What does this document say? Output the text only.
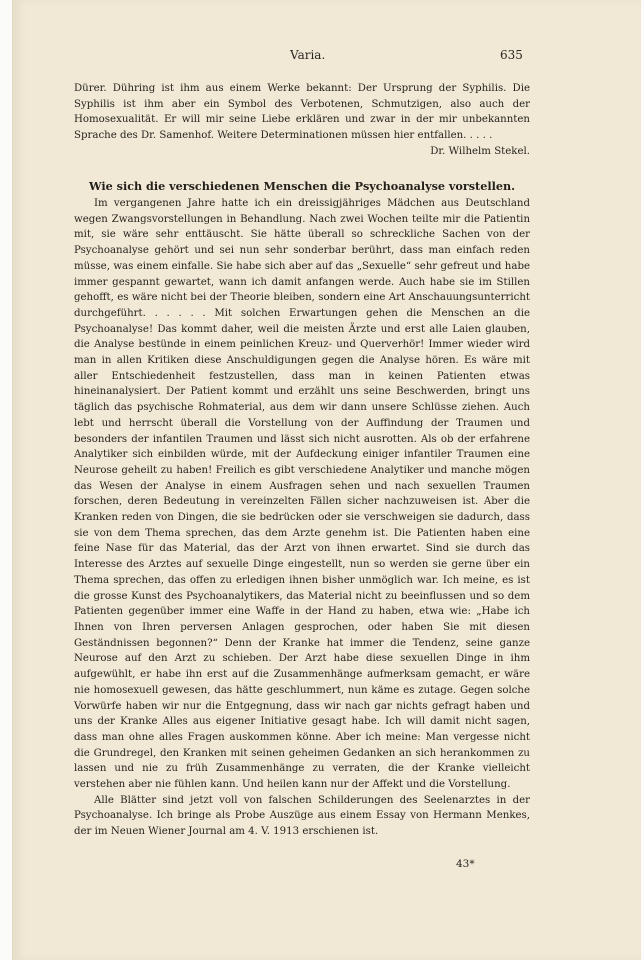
Varia.	635

Dürer. Dühring ist ihm aus einem Werke bekannt: Der Ursprung der Syphilis. Die Syphilis ist ihm aber ein Symbol des Verbotenen, Schmutzigen, also auch der Homosexualität. Er will mir seine Liebe erklären und zwar in der mir unbekannten Sprache des Dr. Samenhof. Weitere Determinationen müssen hier entfallen. . . . .

Dr. Wilhelm Stekel.

Wie sich die verschiedenen Menschen die Psychoanalyse vorstellen.

Im vergangenen Jahre hatte ich ein dreissigjähriges Mädchen aus Deutschland wegen Zwangsvorstellungen in Behandlung. Nach zwei Wochen teilte mir die Patientin mit, sie wäre sehr enttäuscht. Sie hätte überall so schreckliche Sachen von der Psychoanalyse gehört und sei nun sehr sonderbar berührt, dass man einfach reden müsse, was einem einfalle. Sie habe sich aber auf das „Sexuelle“ sehr gefreut und habe immer gespannt gewartet, wann ich damit anfangen werde. Auch habe sie im Stillen gehofft, es wäre nicht bei der Theorie bleiben, sondern eine Art Anschauungsunterricht durchgeführt. . . . . . Mit solchen Erwartungen gehen die Menschen an die Psychoanalyse! Das kommt daher, weil die meisten Ärzte und erst alle Laien glauben, die Analyse bestünde in einem peinlichen Kreuz- und Querverhör! Immer wieder wird man in allen Kritiken diese Anschuldigungen gegen die Analyse hören. Es wäre mit aller Entschiedenheit festzustellen, dass man in keinen Patienten etwas hineinanalysiert. Der Patient kommt und erzählt uns seine Beschwerden, bringt uns täglich das psychische Rohmaterial, aus dem wir dann unsere Schlüsse ziehen. Auch lebt und herrscht überall die Vorstellung von der Auffindung der Traumen und besonders der infantilen Traumen und lässt sich nicht ausrotten. Als ob der erfahrene Analytiker sich einbilden würde, mit der Aufdeckung einiger infantiler Traumen eine Neurose geheilt zu haben! Freilich es gibt verschiedene Analytiker und manche mögen das Wesen der Analyse in einem Ausfragen sehen und nach sexuellen Traumen forschen, deren Bedeutung in vereinzelten Fällen sicher nachzuweisen ist. Aber die Kranken reden von Dingen, die sie bedrücken oder sie verschweigen sie dadurch, dass sie von dem Thema sprechen, das dem Arzte genehm ist. Die Patienten haben eine feine Nase für das Material, das der Arzt von ihnen erwartet. Sind sie durch das Interesse des Arztes auf sexuelle Dinge eingestellt, nun so werden sie gerne über ein Thema sprechen, das offen zu erledigen ihnen bisher unmöglich war. Ich meine, es ist die grosse Kunst des Psychoanalytikers, das Material nicht zu beeinflussen und so dem Patienten gegenüber immer eine Waffe in der Hand zu haben, etwa wie: „Habe ich Ihnen von Ihren perversen Anlagen gesprochen, oder haben Sie mit diesen Geständnissen begonnen?“ Denn der Kranke hat immer die Tendenz, seine ganze Neurose auf den Arzt zu schieben. Der Arzt habe diese sexuellen Dinge in ihm aufgewühlt, er habe ihn erst auf die Zusammenhänge aufmerksam gemacht, er wäre nie homosexuell gewesen, das hätte geschlummert, nun käme es zutage. Gegen solche Vorwürfe haben wir nur die Entgegnung, dass wir nach gar nichts gefragt haben und uns der Kranke Alles aus eigener Initiative gesagt habe. Ich will damit nicht sagen, dass man ohne alles Fragen auskommen könne. Aber ich meine: Man vergesse nicht die Grundregel, den Kranken mit seinen geheimen Gedanken an sich herankommen zu lassen und nie zu früh Zusammenhänge zu verraten, die der Kranke vielleicht verstehen aber nie fühlen kann. Und heilen kann nur der Affekt und die Vorstellung.

Alle Blätter sind jetzt voll von falschen Schilderungen des Seelenarztes in der Psychoanalyse. Ich bringe als Probe Auszüge aus einem Essay von Hermann Menkes, der im Neuen Wiener Journal am 4. V. 1913 erschienen ist.

43*
